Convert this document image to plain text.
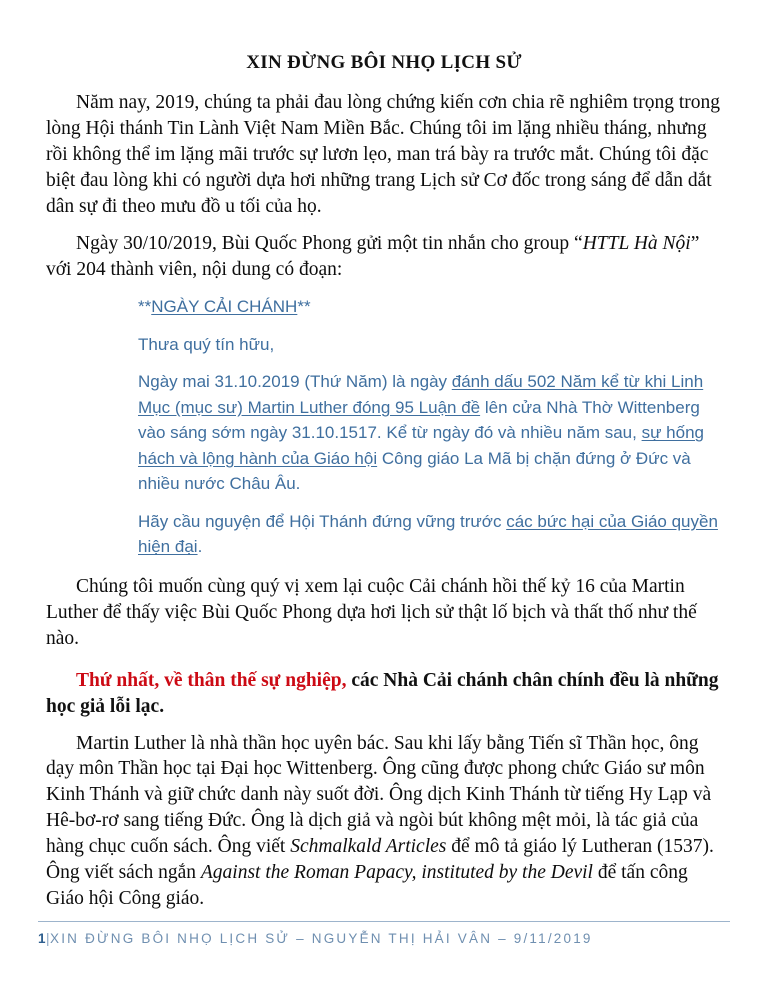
XIN ĐỪNG BÔI NHỌ LỊCH SỬ

Năm nay, 2019, chúng ta phải đau lòng chứng kiến cơn chia rẽ nghiêm trọng trong lòng Hội thánh Tin Lành Việt Nam Miền Bắc. Chúng tôi im lặng nhiều tháng, nhưng rồi không thể im lặng mãi trước sự lươn lẹo, man trá bày ra trước mắt. Chúng tôi đặc biệt đau lòng khi có người dựa hơi những trang Lịch sử Cơ đốc trong sáng để dẫn dắt dân sự đi theo mưu đồ u tối của họ.

Ngày 30/10/2019, Bùi Quốc Phong gửi một tin nhắn cho group “HTTL Hà Nội” với 204 thành viên, nội dung có đoạn:

**NGÀY CẢI CHÁNH**

Thưa quý tín hữu,

Ngày mai 31.10.2019 (Thứ Năm) là ngày đánh dấu 502 Năm kể từ khi Linh Mục (mục sư) Martin Luther đóng 95 Luận đề lên cửa Nhà Thờ Wittenberg vào sáng sớm ngày 31.10.1517. Kể từ ngày đó và nhiều năm sau, sự hống hách và lộng hành của Giáo hội Công giáo La Mã bị chặn đứng ở Đức và nhiều nước Châu Âu.

Hãy cầu nguyện để Hội Thánh đứng vững trước các bức hại của Giáo quyền hiện đại.

Chúng tôi muốn cùng quý vị xem lại cuộc Cải chánh hồi thế kỷ 16 của Martin Luther để thấy việc Bùi Quốc Phong dựa hơi lịch sử thật lố bịch và thất thố như thế nào.

Thứ nhất, về thân thế sự nghiệp, các Nhà Cải chánh chân chính đều là những học giả lỗi lạc.

Martin Luther là nhà thần học uyên bác. Sau khi lấy bằng Tiến sĩ Thần học, ông dạy môn Thần học tại Đại học Wittenberg. Ông cũng được phong chức Giáo sư môn Kinh Thánh và giữ chức danh này suốt đời. Ông dịch Kinh Thánh từ tiếng Hy Lạp và Hê-bơ-rơ sang tiếng Đức. Ông là dịch giả và ngòi bút không mệt mỏi, là tác giả của hàng chục cuốn sách. Ông viết Schmalkald Articles để mô tả giáo lý Lutheran (1537). Ông viết sách ngắn Against the Roman Papacy, instituted by the Devil để tấn công Giáo hội Công giáo.

1|XIN ĐỪNG BÔI NHỌ LỊCH SỬ – NGUYỄN THỊ HẢI VÂN – 9/11/2019
